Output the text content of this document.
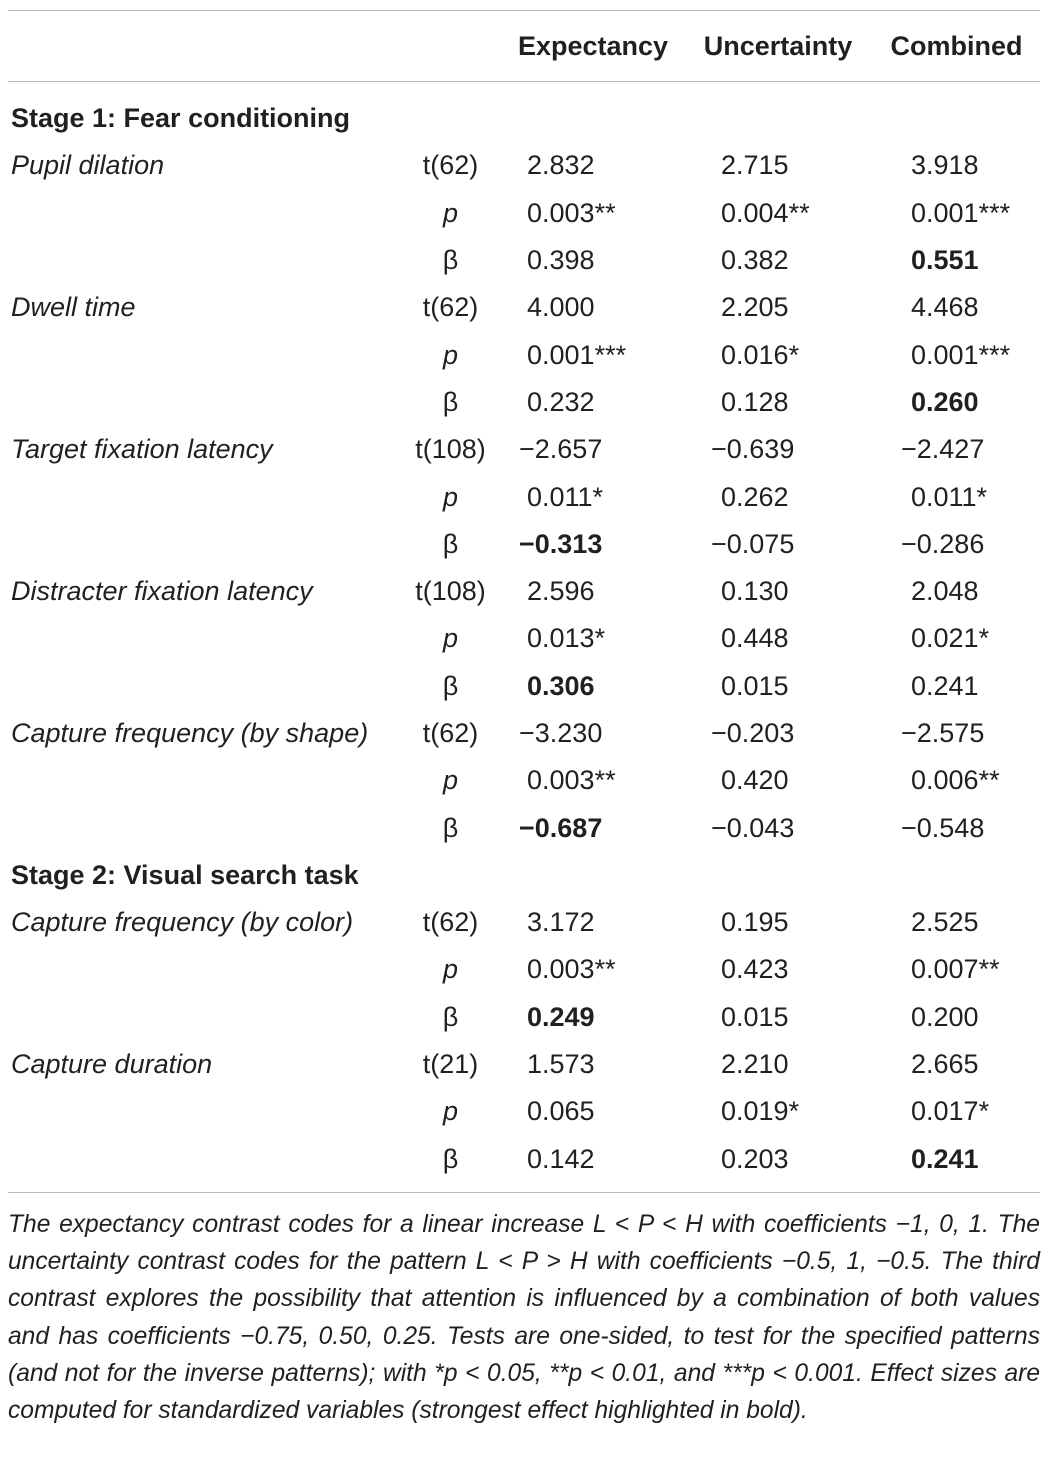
		Expectancy	Uncertainty	Combined

Stage 1: Fear conditioning				
Pupil dilation	t(62)	2.832	2.715	3.918
	p	0.003**	0.004**	0.001***
	β	0.398	0.382	0.551
Dwell time	t(62)	4.000	2.205	4.468
	p	0.001***	0.016*	0.001***
	β	0.232	0.128	0.260
Target fixation latency	t(108)	−2.657	−0.639	−2.427
	p	0.011*	0.262	0.011*
	β	−0.313	−0.075	−0.286
Distracter fixation latency	t(108)	2.596	0.130	2.048
	p	0.013*	0.448	0.021*
	β	0.306	0.015	0.241
Capture frequency (by shape)	t(62)	−3.230	−0.203	−2.575
	p	0.003**	0.420	0.006**
	β	−0.687	−0.043	−0.548
Stage 2: Visual search task				
Capture frequency (by color)	t(62)	3.172	0.195	2.525
	p	0.003**	0.423	0.007**
	β	0.249	0.015	0.200
Capture duration	t(21)	1.573	2.210	2.665
	p	0.065	0.019*	0.017*
	β	0.142	0.203	0.241
The expectancy contrast codes for a linear increase L < P < H with coefficients −1, 0, 1. The uncertainty contrast codes for the pattern L < P > H with coefficients −0.5, 1, −0.5. The third contrast explores the possibility that attention is influenced by a combination of both values and has coefficients −0.75, 0.50, 0.25. Tests are one-sided, to test for the specified patterns (and not for the inverse patterns); with *p < 0.05, **p < 0.01, and ***p < 0.001. Effect sizes are computed for standardized variables (strongest effect highlighted in bold).
